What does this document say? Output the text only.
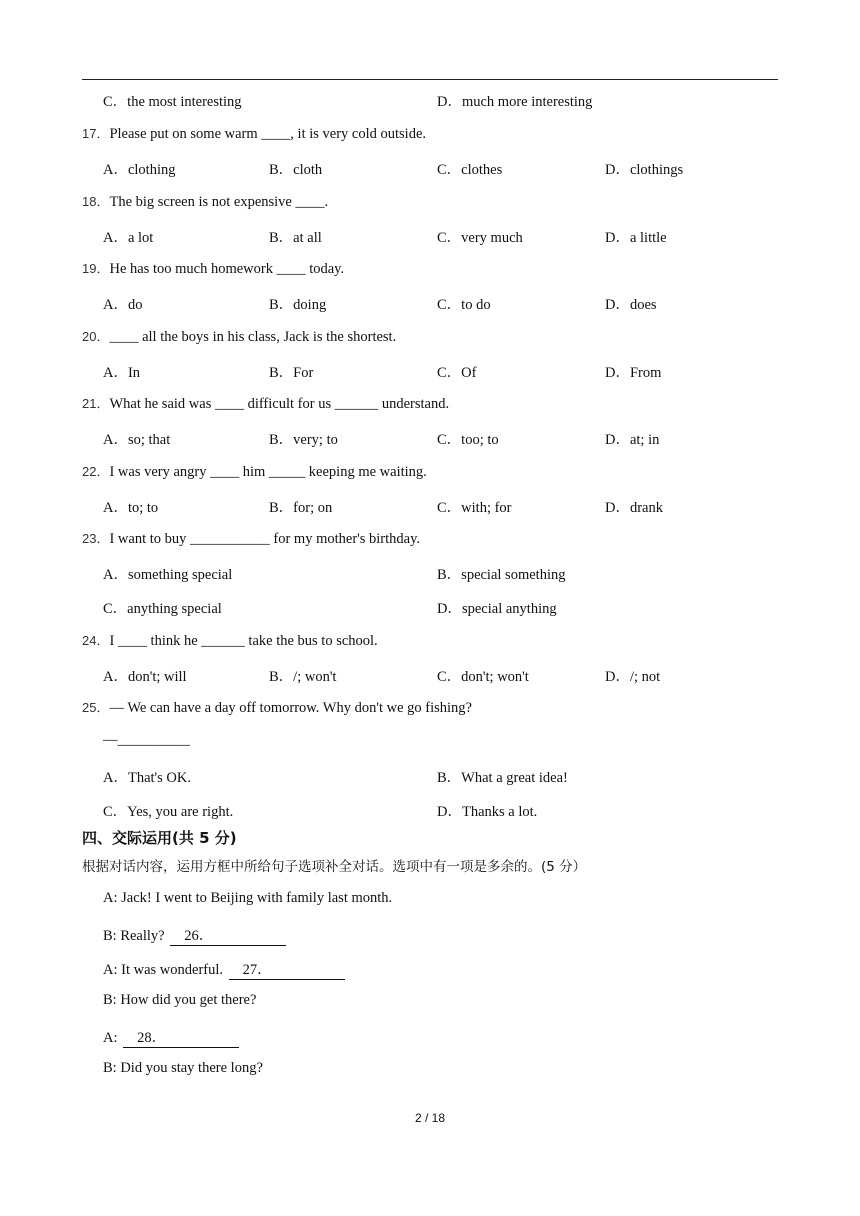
C．the most interesting	D．much more interesting
17．Please put on some warm ____, it is very cold outside.
A．clothing	B．cloth	C．clothes	D．clothings
18．The big screen is not expensive ____.
A．a lot	B．at all	C．very much	D．a little
19．He has too much homework ____ today.
A．do	B．doing	C．to do	D．does
20．____ all the boys in his class, Jack is the shortest.
A．In	B．For	C．Of	D．From
21．What he said was ____ difficult for us ______ understand.
A．so; that	B．very; to	C．too; to	D．at; in
22．I was very angry ____ him _____ keeping me waiting.
A．to; to	B．for; on	C．with; for	D．drank
23．I want to buy ___________ for my mother's birthday.
A．something special	B．special something
C．anything special	D．special anything
24．I ____ think he ______ take the bus to school.
A．don't; will	B．/; won't	C．don't; won't	D．/; not
25．— We can have a day off tomorrow. Why don't we go fishing?
—__________
A．That's OK.	B．What a great idea!
C．Yes, you are right.	D．Thanks a lot.
四、交际运用(共 5 分)
根据对话内容，运用方框中所给句子选项补全对话。选项中有一项是多余的。(5 分）
A: Jack! I went to Beijing with family last month.
B: Really? 26．
A: It was wonderful. 27．
B: How did you get there?
A: 28．
B: Did you stay there long?
2 / 18
